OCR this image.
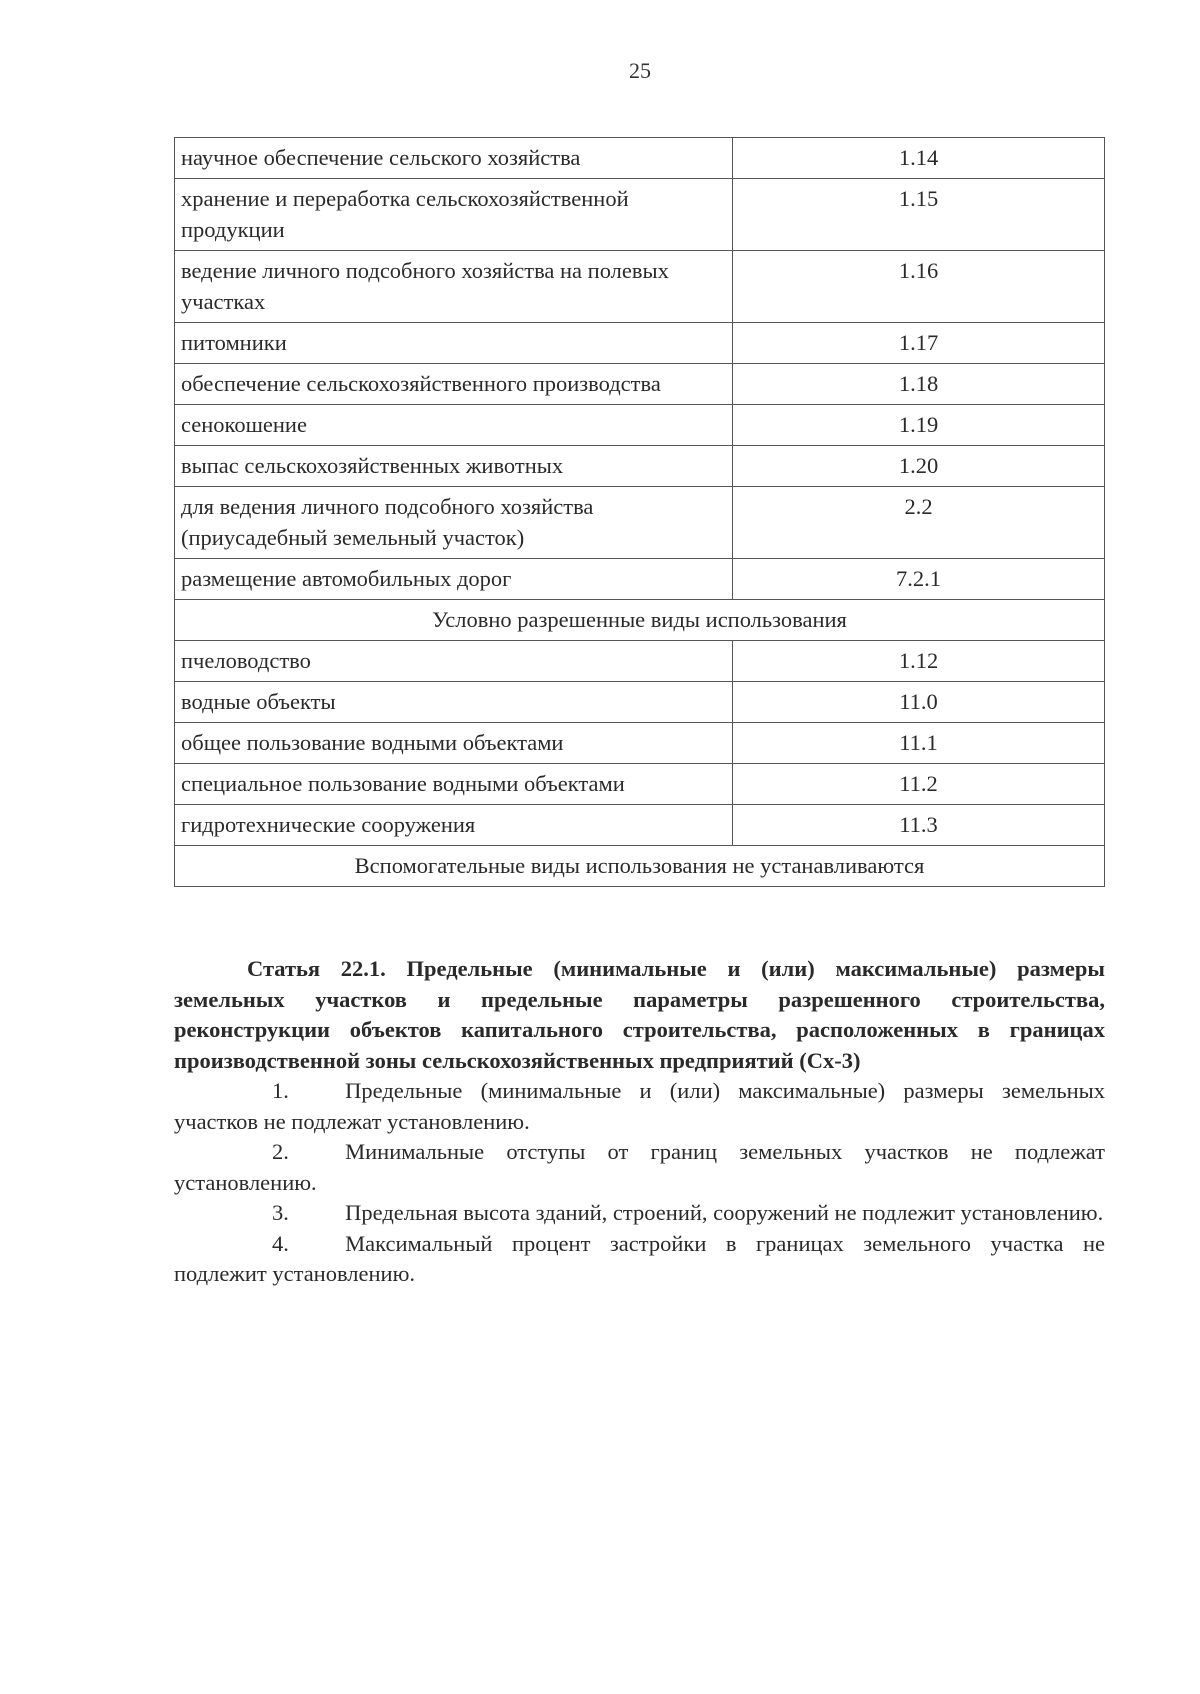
25
научное обеспечение сельского хозяйства	1.14
хранение и переработка сельскохозяйственной продукции	1.15
ведение личного подсобного хозяйства на полевых участках	1.16
питомники	1.17
обеспечение сельскохозяйственного производства	1.18
сенокошение	1.19
выпас сельскохозяйственных животных	1.20
для ведения личного подсобного хозяйства (приусадебный земельный участок)	2.2
размещение автомобильных дорог	7.2.1
Условно разрешенные виды использования	
пчеловодство	1.12
водные объекты	11.0
общее пользование водными объектами	11.1
специальное пользование водными объектами	11.2
гидротехнические сооружения	11.3
Вспомогательные виды использования не устанавливаются	
Статья 22.1. Предельные (минимальные и (или) максимальные) размеры земельных участков и предельные параметры разрешенного строительства, реконструкции объектов капитального строительства, расположенных в границах производственной зоны сельскохозяйственных предприятий (Сх-3)

1.   	Предельные (минимальные и (или) максимальные) размеры земельных участков не подлежат установлению.

2.   	Минимальные отступы от границ земельных участков не подлежат установлению.

3.   	Предельная высота зданий, строений, сооружений не подлежит установлению.

4.   	Максимальный процент застройки в границах земельного участка не подлежит установлению.
